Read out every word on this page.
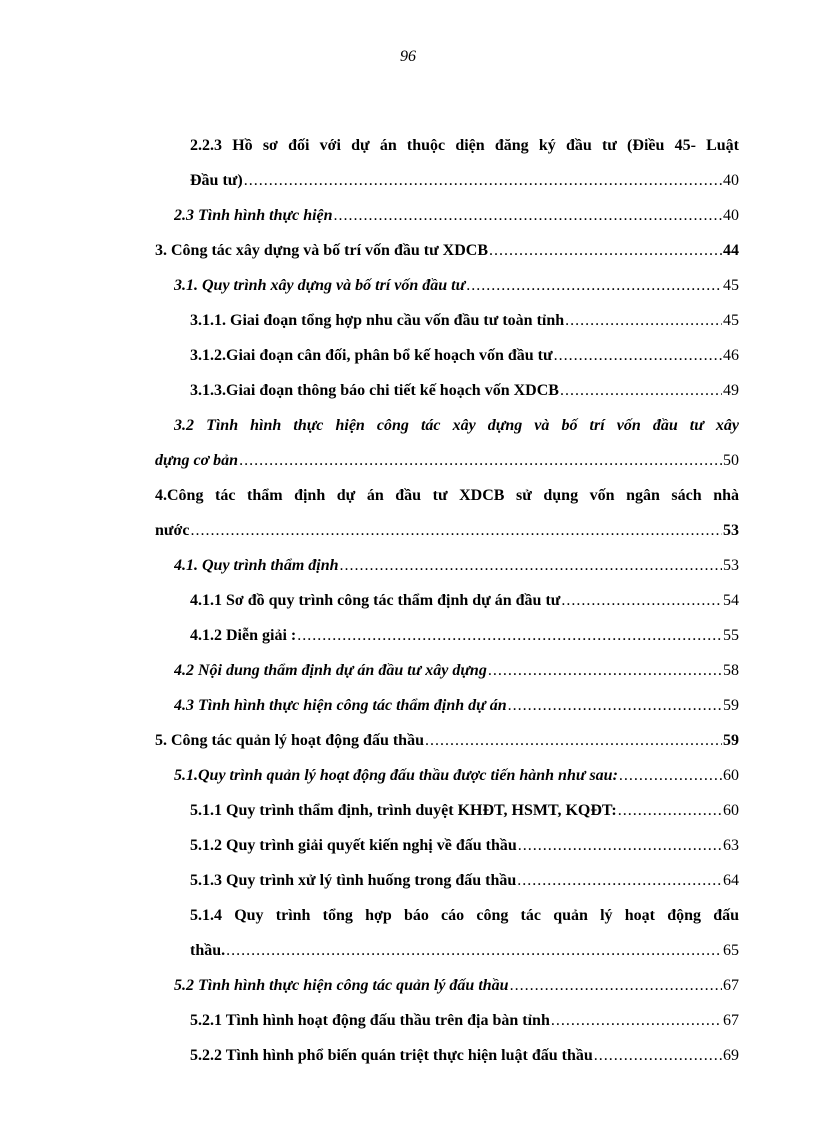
96
2.2.3 Hồ sơ đối với dự án thuộc diện đăng ký đầu tư (Điều 45- Luật
Đầu tư) .....	40
2.3 Tình hình thực hiện .....	40
3. Công tác xây dựng và bố trí vốn đầu tư XDCB .....	44
3.1. Quy trình xây dựng và bố trí vốn đầu tư .....	45
3.1.1. Giai đoạn tổng hợp nhu cầu vốn đầu tư toàn tỉnh .....	45
3.1.2.Giai đoạn cân đối, phân bổ kế hoạch vốn đầu tư .....	46
3.1.3.Giai đoạn thông báo chi tiết kế hoạch vốn XDCB .....	49
3.2 Tình hình thực hiện công tác xây dựng và bố trí vốn đầu tư xây
dựng cơ bản .....	50
4.Công tác thẩm định dự án đầu tư XDCB sử dụng vốn ngân sách nhà
nước .....	53
4.1. Quy trình thẩm định .....	53
4.1.1 Sơ đồ quy trình công tác thẩm định dự án đầu tư .....	54
4.1.2 Diễn giải : .....	55
4.2 Nội dung thẩm định dự án đầu tư xây dựng .....	58
4.3 Tình hình thực hiện công tác thẩm định dự án .....	59
5. Công tác quản lý hoạt động đấu thầu .....	59
5.1.Quy trình quản lý hoạt động đấu thầu được tiến hành như sau: .....	60
5.1.1 Quy trình thẩm định, trình duyệt KHĐT, HSMT, KQĐT: .....	60
5.1.2 Quy trình giải quyết kiến nghị về đấu thầu .....	63
5.1.3 Quy trình xử lý tình huống trong đấu thầu .....	64
5.1.4 Quy trình tổng hợp báo cáo công tác quản lý hoạt động đấu
thầu. .....	65
5.2 Tình hình thực hiện công tác quản lý đấu thầu .....	67
5.2.1 Tình hình hoạt động đấu thầu trên địa bàn tỉnh .....	67
5.2.2 Tình hình phổ biến quán triệt thực hiện luật đấu thầu .....	69
